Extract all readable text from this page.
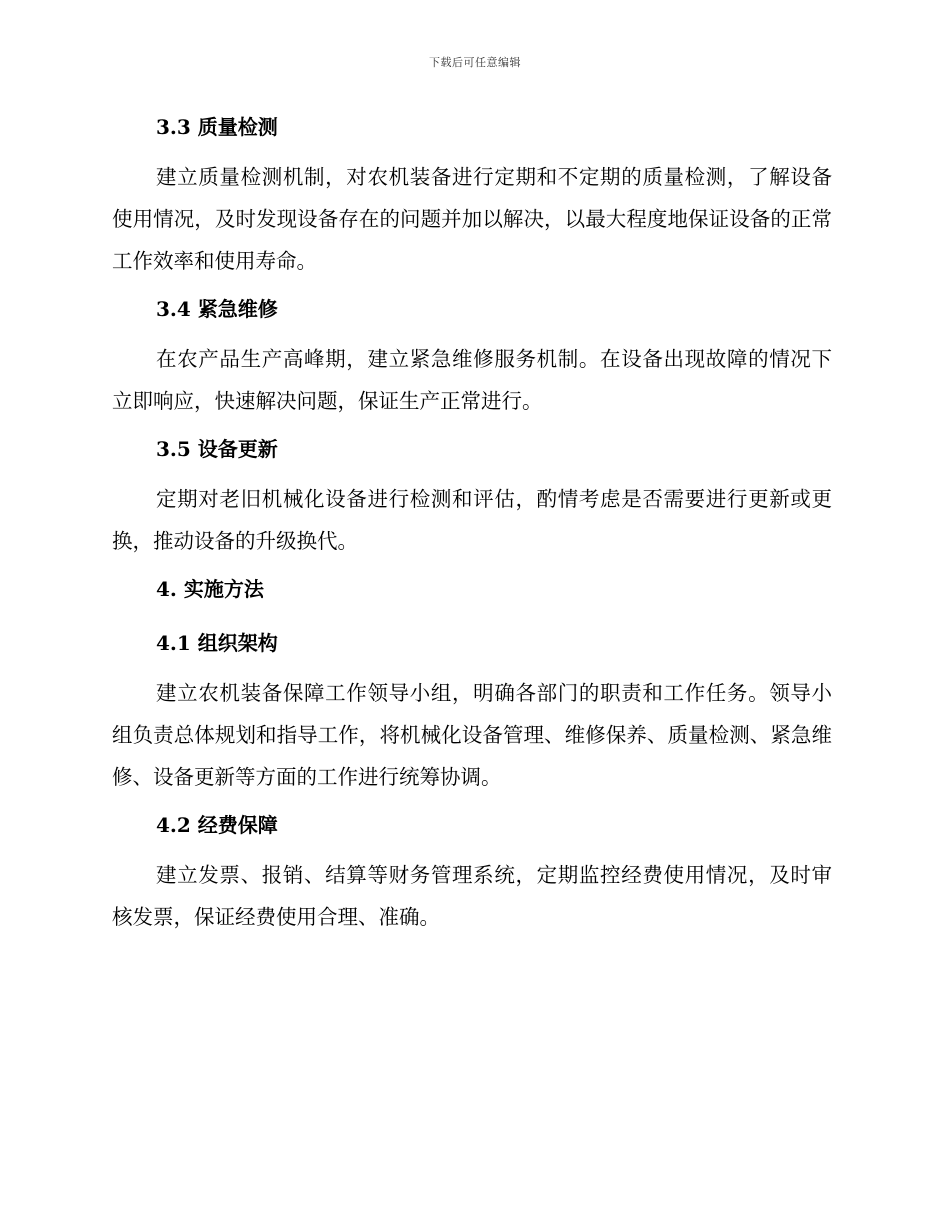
下载后可任意编辑
3.3 质量检测

建立质量检测机制，对农机装备进行定期和不定期的质量检测，了解设备使用情况，及时发现设备存在的问题并加以解决，以最大程度地保证设备的正常工作效率和使用寿命。

3.4 紧急维修

在农产品生产高峰期，建立紧急维修服务机制。在设备出现故障的情况下立即响应，快速解决问题，保证生产正常进行。

3.5 设备更新

定期对老旧机械化设备进行检测和评估，酌情考虑是否需要进行更新或更换，推动设备的升级换代。

4. 实施方法
4.1 组织架构

建立农机装备保障工作领导小组，明确各部门的职责和工作任务。领导小组负责总体规划和指导工作，将机械化设备管理、维修保养、质量检测、紧急维修、设备更新等方面的工作进行统筹协调。

4.2 经费保障

建立发票、报销、结算等财务管理系统，定期监控经费使用情况，及时审核发票，保证经费使用合理、准确。
